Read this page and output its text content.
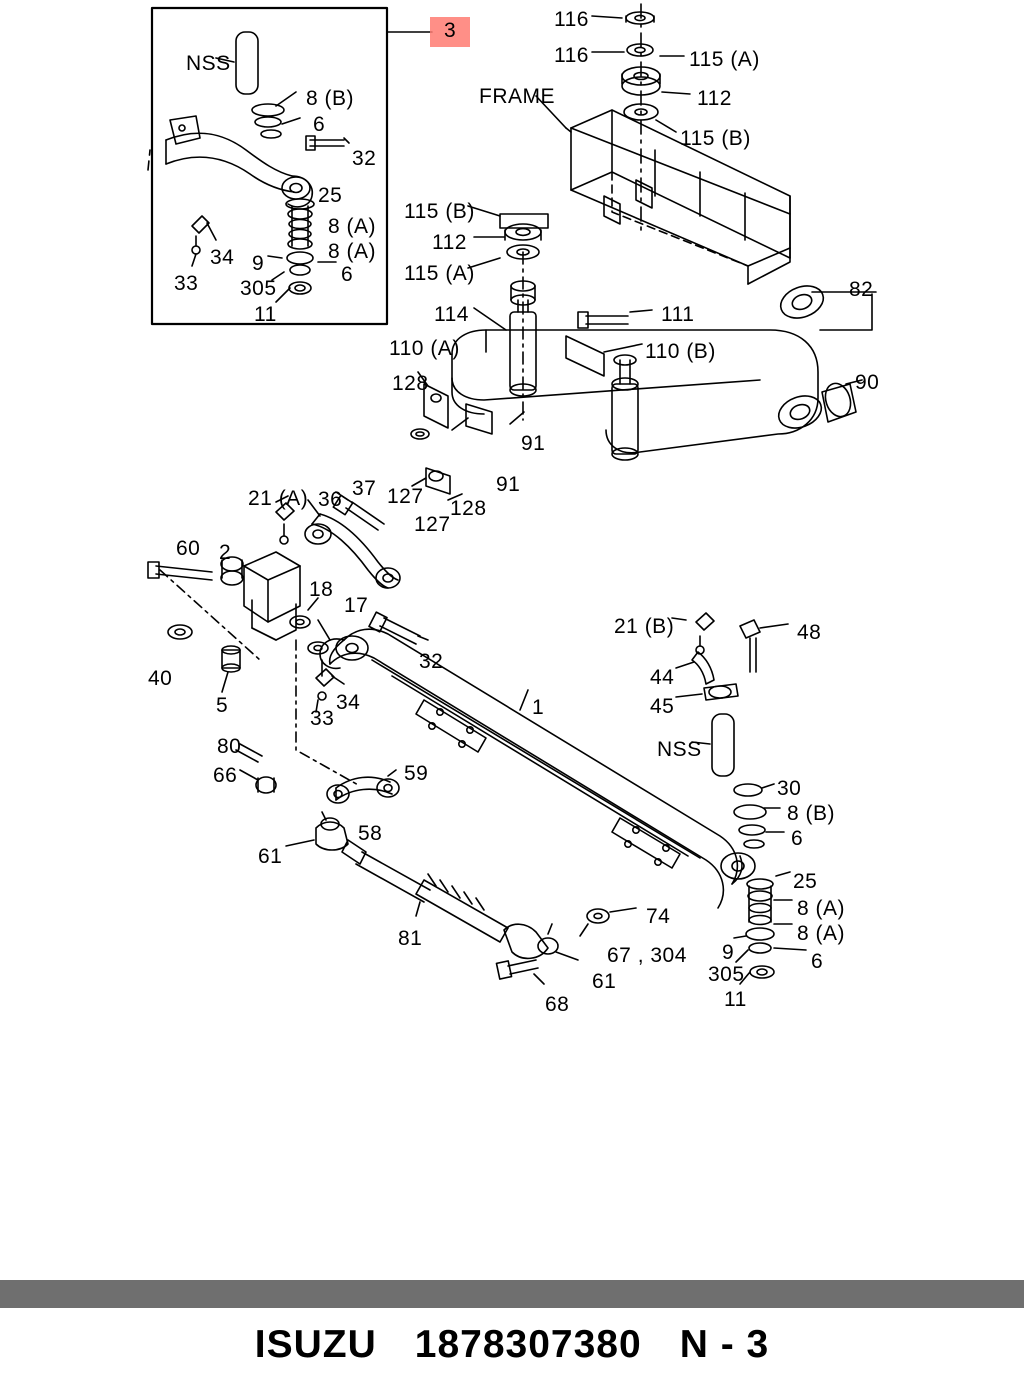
3
NSS
8 (B)
6
32
25
8 (A)
8 (A)
9	6
305
34
33
11
116
116	115 (A)
112
115 (B)
FRAME
115 (B)
112
115 (A)
114	111
110 (A)	110 (B)
82
90
128
91
91
127
127
128
37
36
21 (A)
60 2
18
17
32
40
5
33
34	1
21 (B)	48
44
45
NSS
30
8 (B)
6
80
66	59
58
61
81
25
8 (A)
8 (A)
9	6
305
11
74
67 , 304
61
68
ISUZU 1878307380 N - 3
